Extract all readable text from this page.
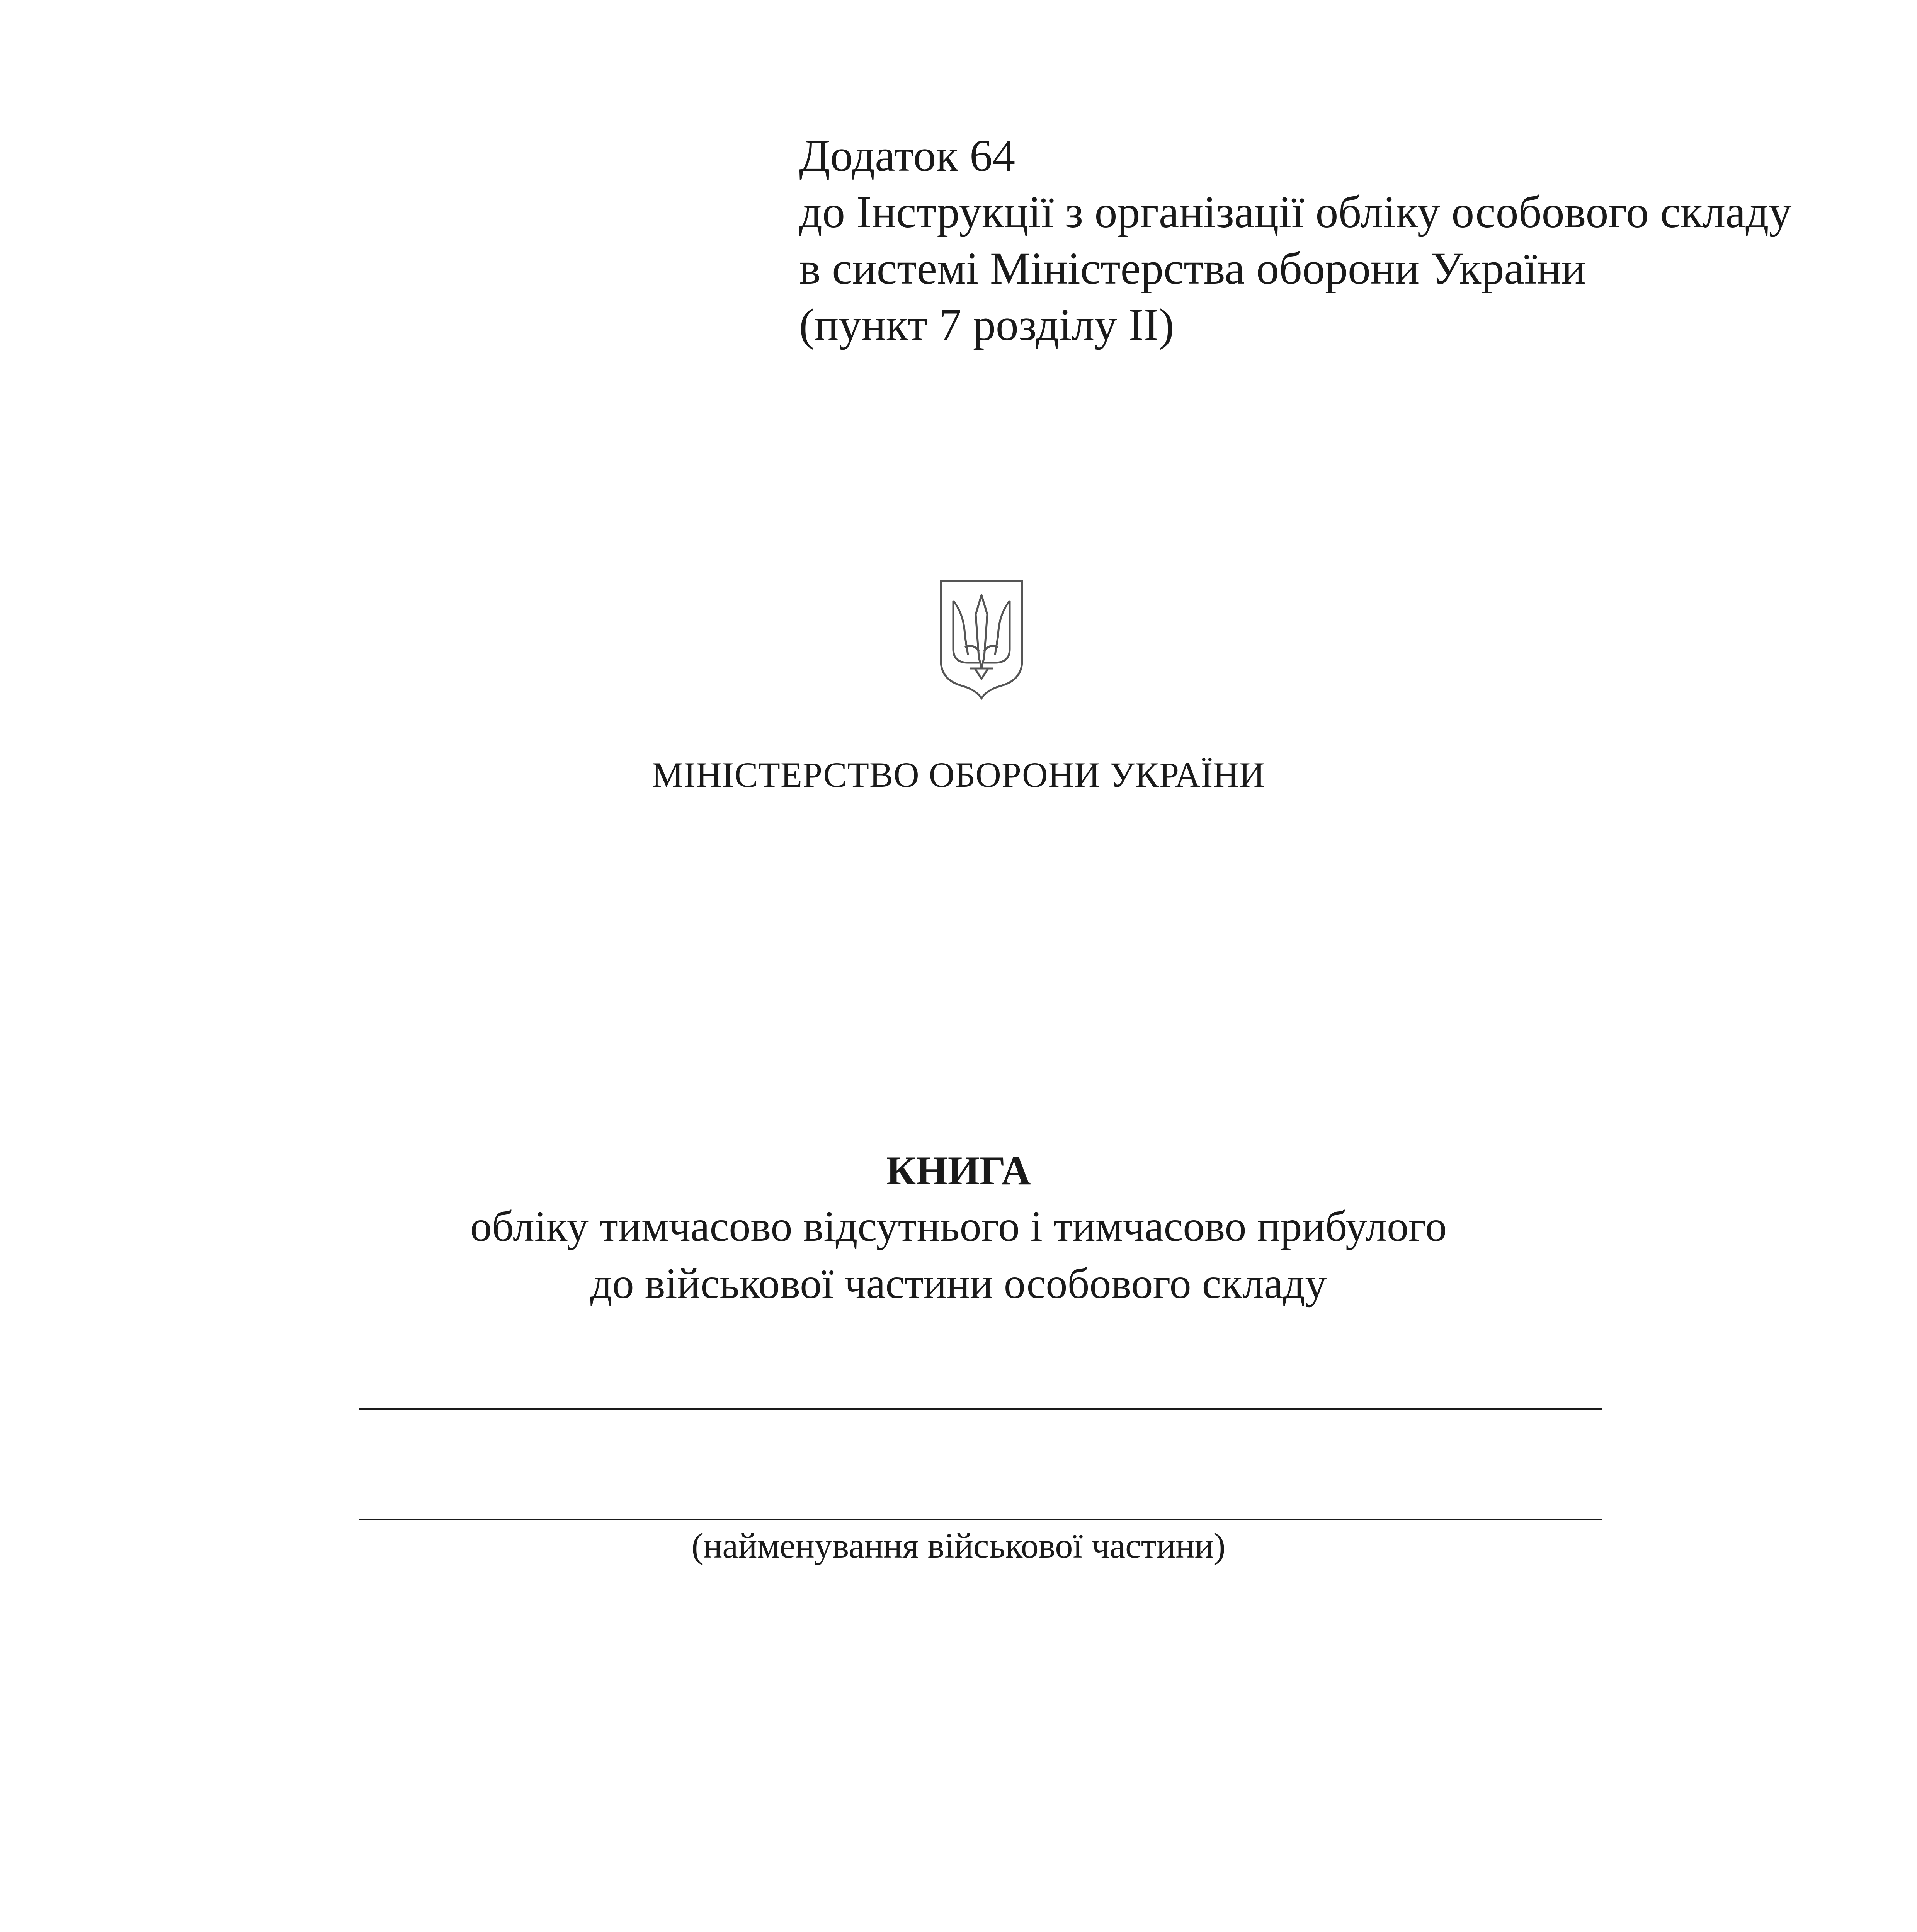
Додаток 64
до Інструкції з організації обліку особового складу
в системі Міністерства оборони України
(пункт 7 розділу ІІ)
МІНІСТЕРСТВО ОБОРОНИ УКРАЇНИ
КНИГА
обліку тимчасово відсутнього і тимчасово прибулого
до військової частини особового складу
(найменування військової частини)
